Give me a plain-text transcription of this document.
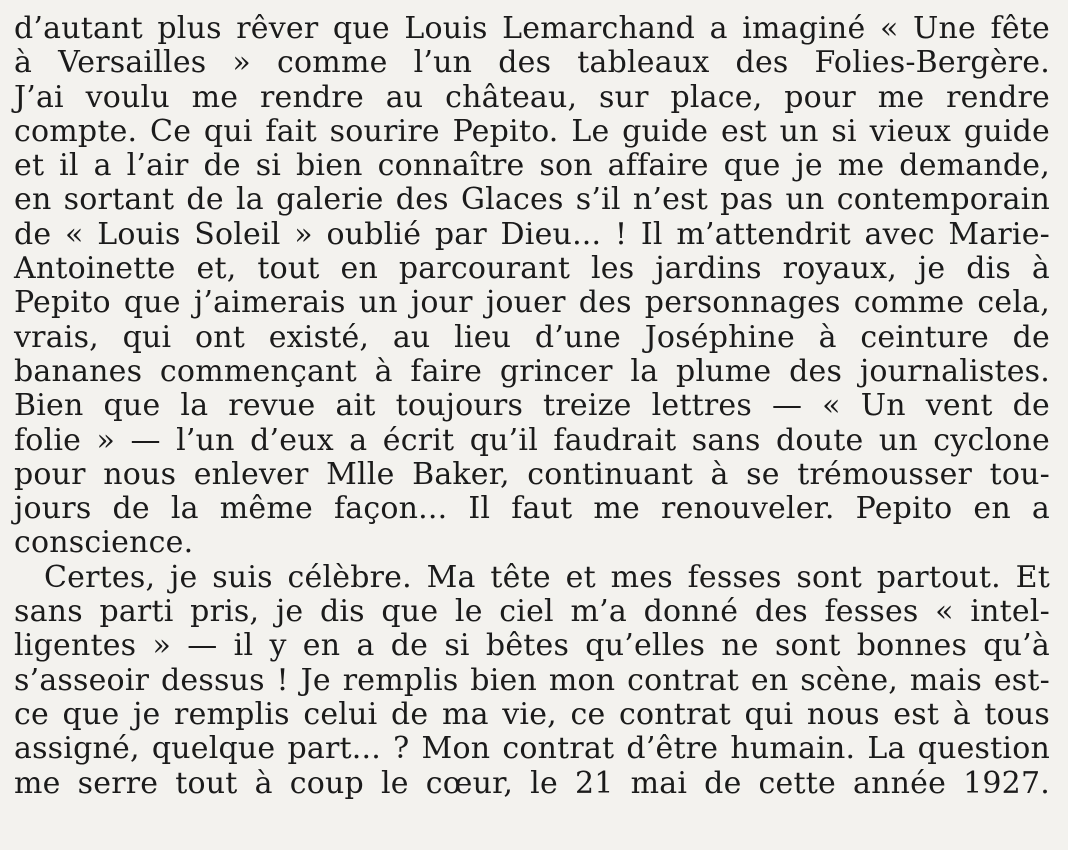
d’autant plus rêver que Louis Lemarchand a imaginé « Une fête
à Versailles » comme l’un des tableaux des Folies-Bergère.
J’ai voulu me rendre au château, sur place, pour me rendre
compte. Ce qui fait sourire Pepito. Le guide est un si vieux guide
et il a l’air de si bien connaître son affaire que je me demande,
en sortant de la galerie des Glaces s’il n’est pas un contemporain
de « Louis Soleil » oublié par Dieu... ! Il m’attendrit avec Marie-
Antoinette et, tout en parcourant les jardins royaux, je dis à
Pepito que j’aimerais un jour jouer des personnages comme cela,
vrais, qui ont existé, au lieu d’une Joséphine à ceinture de
bananes commençant à faire grincer la plume des journalistes.
Bien que la revue ait toujours treize lettres — « Un vent de
folie » — l’un d’eux a écrit qu’il faudrait sans doute un cyclone
pour nous enlever Mlle Baker, continuant à se trémousser tou-
jours de la même façon... Il faut me renouveler. Pepito en a
conscience.
Certes, je suis célèbre. Ma tête et mes fesses sont partout. Et
sans parti pris, je dis que le ciel m’a donné des fesses « intel-
ligentes » — il y en a de si bêtes qu’elles ne sont bonnes qu’à
s’asseoir dessus ! Je remplis bien mon contrat en scène, mais est-
ce que je remplis celui de ma vie, ce contrat qui nous est à tous
assigné, quelque part... ? Mon contrat d’être humain. La question
me serre tout à coup le cœur, le 21 mai de cette année 1927.
